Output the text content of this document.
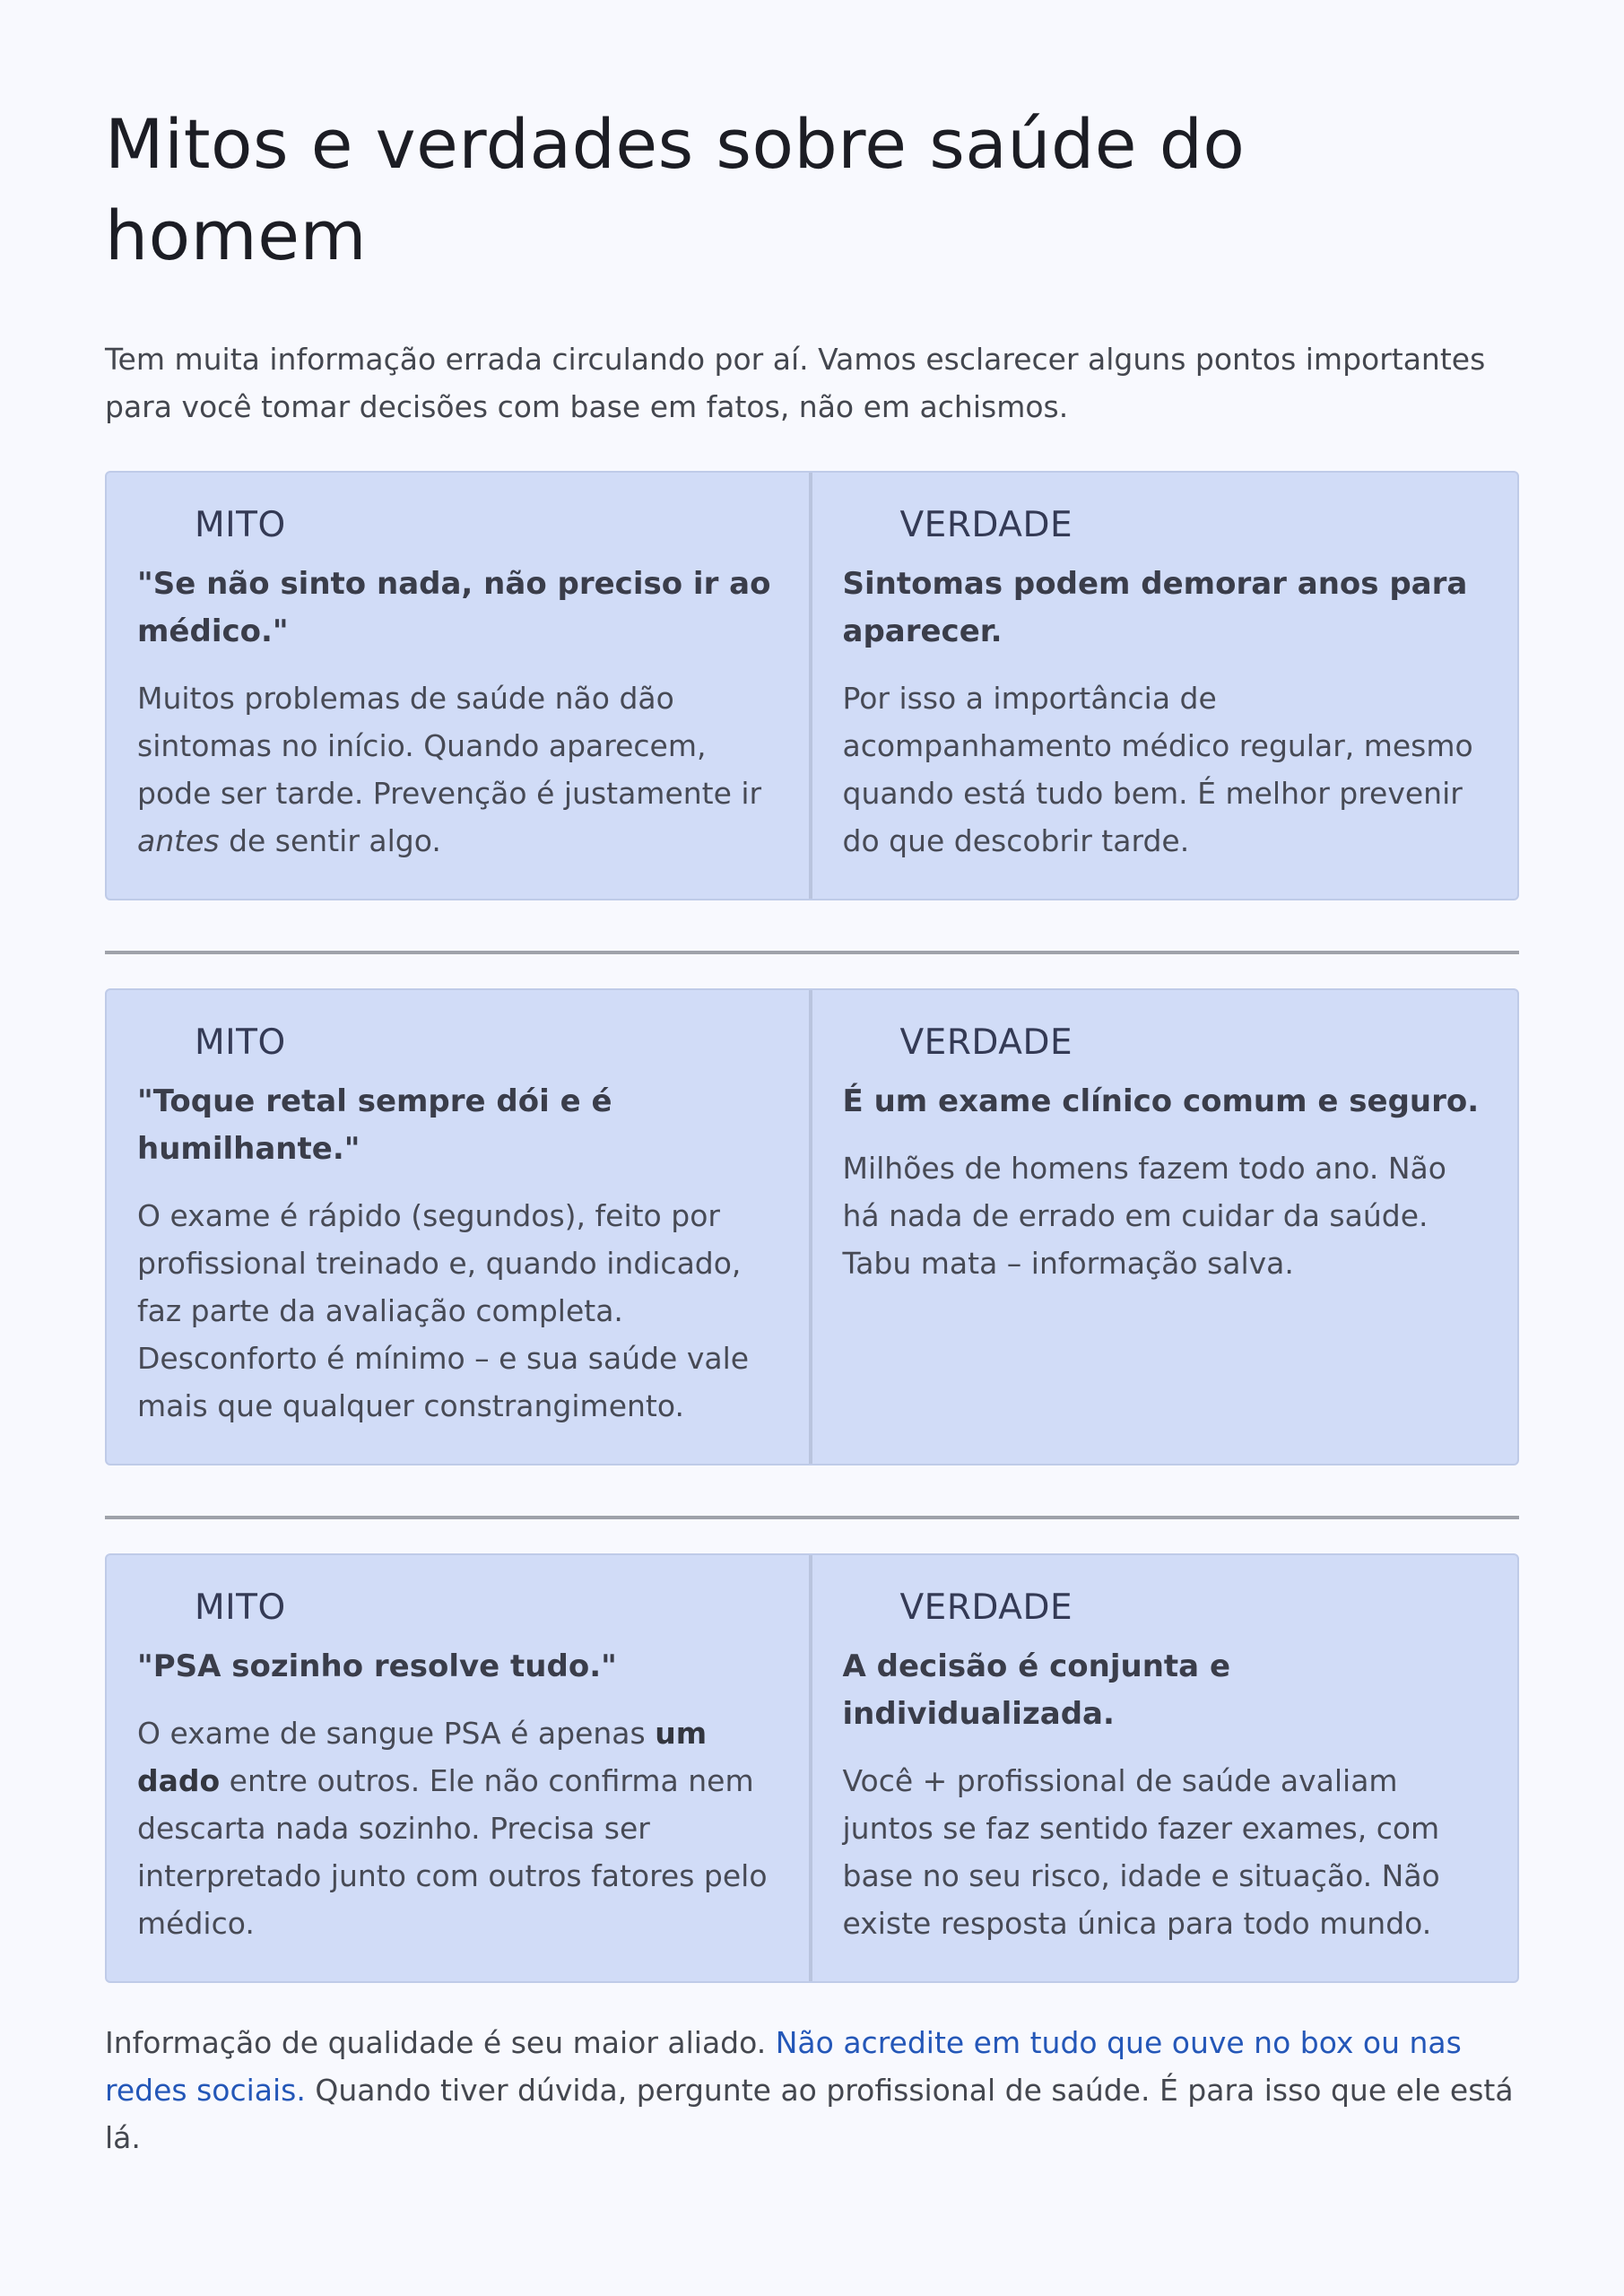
Mitos e verdades sobre saúde do homem

Tem muita informação errada circulando por aí. Vamos esclarecer alguns pontos importantes para você tomar decisões com base em fatos, não em achismos.

MITO
"Se não sinto nada, não preciso ir ao médico."
Muitos problemas de saúde não dão sintomas no início. Quando aparecem, pode ser tarde. Prevenção é justamente ir antes de sentir algo.
VERDADE
Sintomas podem demorar anos para aparecer.
Por isso a importância de acompanhamento médico regular, mesmo quando está tudo bem. É melhor prevenir do que descobrir tarde.
MITO
"Toque retal sempre dói e é humilhante."
O exame é rápido (segundos), feito por profissional treinado e, quando indicado, faz parte da avaliação completa. Desconforto é mínimo – e sua saúde vale mais que qualquer constrangimento.
VERDADE
É um exame clínico comum e seguro.
Milhões de homens fazem todo ano. Não há nada de errado em cuidar da saúde. Tabu mata – informação salva.
MITO
"PSA sozinho resolve tudo."
O exame de sangue PSA é apenas um dado entre outros. Ele não confirma nem descarta nada sozinho. Precisa ser interpretado junto com outros fatores pelo médico.
VERDADE
A decisão é conjunta e individualizada.
Você + profissional de saúde avaliam juntos se faz sentido fazer exames, com base no seu risco, idade e situação. Não existe resposta única para todo mundo.

Informação de qualidade é seu maior aliado. Não acredite em tudo que ouve no box ou nas redes sociais. Quando tiver dúvida, pergunte ao profissional de saúde. É para isso que ele está lá.
